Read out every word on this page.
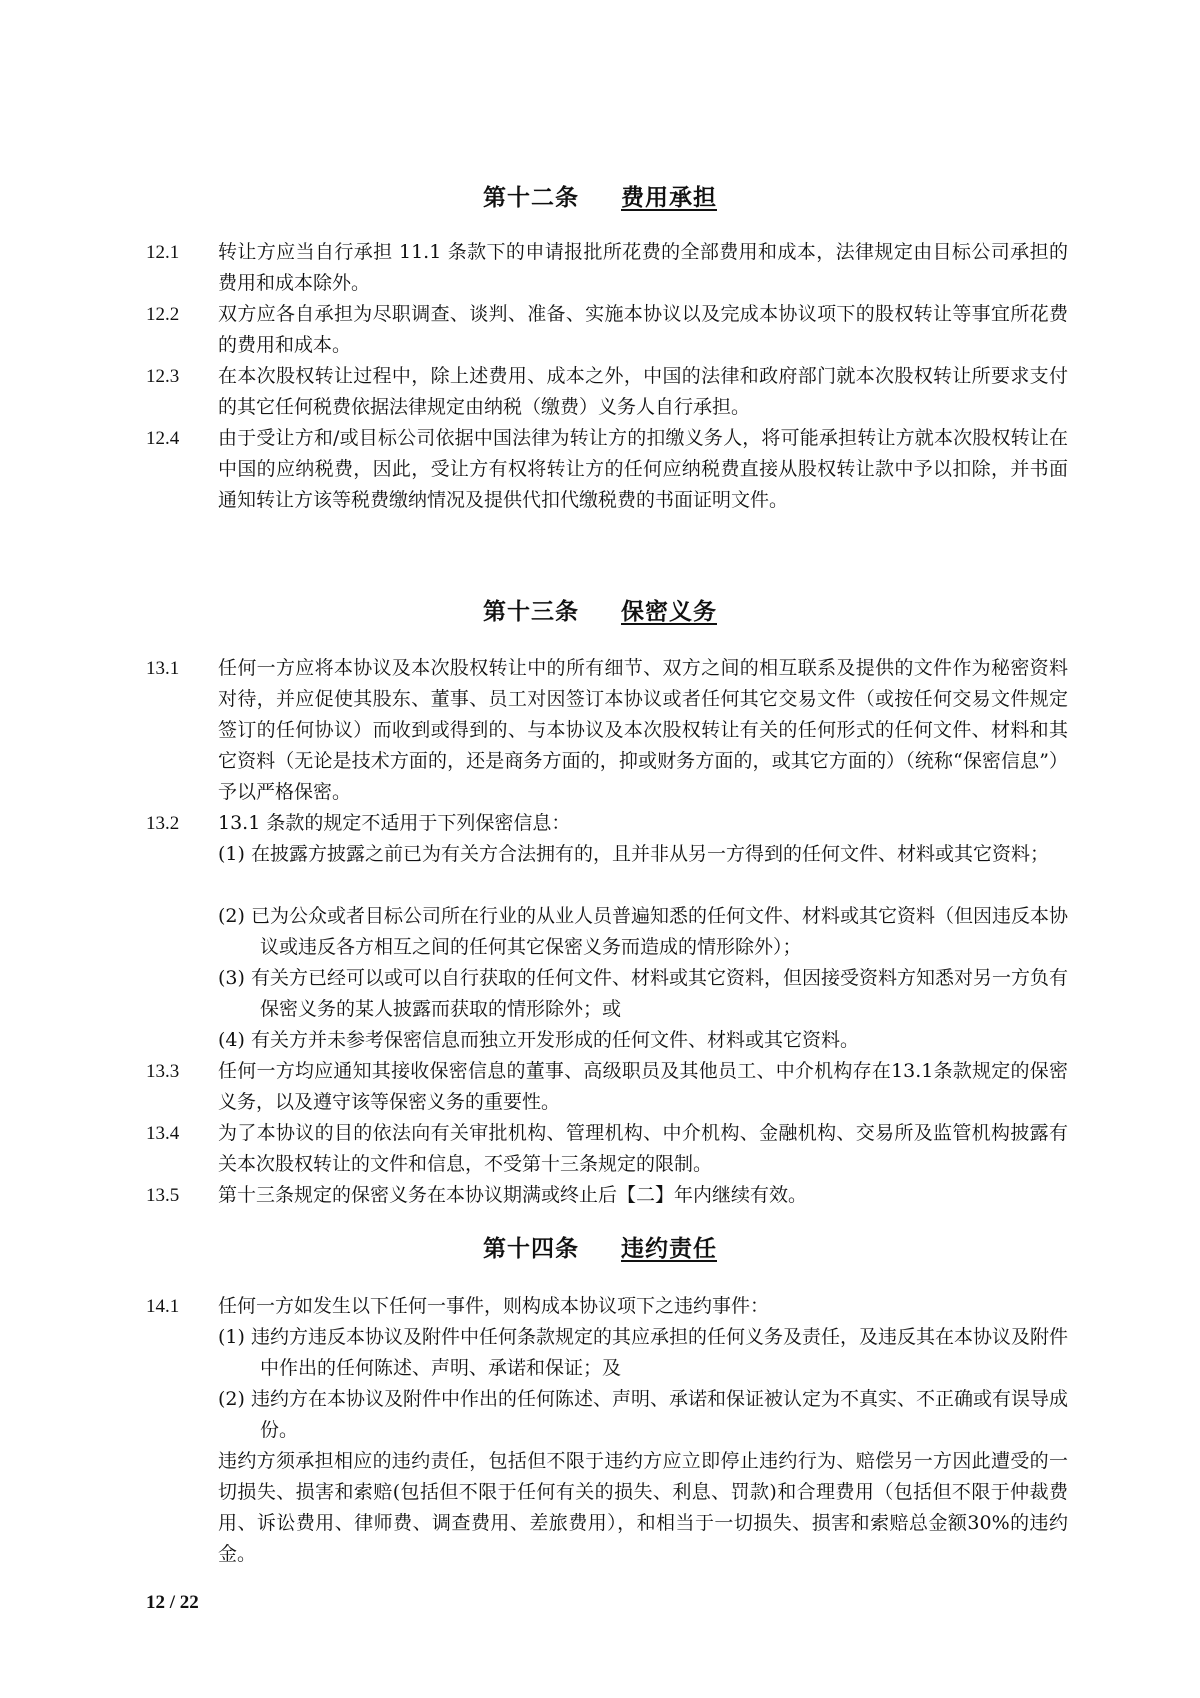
第十二条 费用承担
12.1 转让方应当自行承担 11.1 条款下的申请报批所花费的全部费用和成本，法律规定由目标公司承担的费用和成本除外。
12.2 双方应各自承担为尽职调查、谈判、准备、实施本协议以及完成本协议项下的股权转让等事宜所花费的费用和成本。
12.3 在本次股权转让过程中，除上述费用、成本之外，中国的法律和政府部门就本次股权转让所要求支付的其它任何税费依据法律规定由纳税（缴费）义务人自行承担。
12.4 由于受让方和/或目标公司依据中国法律为转让方的扣缴义务人，将可能承担转让方就本次股权转让在中国的应纳税费，因此，受让方有权将转让方的任何应纳税费直接从股权转让款中予以扣除，并书面通知转让方该等税费缴纳情况及提供代扣代缴税费的书面证明文件。
第十三条 保密义务
13.1 任何一方应将本协议及本次股权转让中的所有细节、双方之间的相互联系及提供的文件作为秘密资料对待，并应促使其股东、董事、员工对因签订本协议或者任何其它交易文件（或按任何交易文件规定签订的任何协议）而收到或得到的、与本协议及本次股权转让有关的任何形式的任何文件、材料和其它资料（无论是技术方面的，还是商务方面的，抑或财务方面的，或其它方面的）（统称“保密信息”）予以严格保密。
13.2 13.1 条款的规定不适用于下列保密信息：
(1) 在披露方披露之前已为有关方合法拥有的，且并非从另一方得到的任何文件、材料或其它资料；
(2) 已为公众或者目标公司所在行业的从业人员普遍知悉的任何文件、材料或其它资料（但因违反本协议或违反各方相互之间的任何其它保密义务而造成的情形除外）；
(3) 有关方已经可以或可以自行获取的任何文件、材料或其它资料，但因接受资料方知悉对另一方负有保密义务的某人披露而获取的情形除外；或
(4) 有关方并未参考保密信息而独立开发形成的任何文件、材料或其它资料。
13.3 任何一方均应通知其接收保密信息的董事、高级职员及其他员工、中介机构存在13.1条款规定的保密义务，以及遵守该等保密义务的重要性。
13.4 为了本协议的目的依法向有关审批机构、管理机构、中介机构、金融机构、交易所及监管机构披露有关本次股权转让的文件和信息，不受第十三条规定的限制。
13.5 第十三条规定的保密义务在本协议期满或终止后【二】年内继续有效。
第十四条 违约责任
14.1 任何一方如发生以下任何一事件，则构成本协议项下之违约事件：
(1) 违约方违反本协议及附件中任何条款规定的其应承担的任何义务及责任，及违反其在本协议及附件中作出的任何陈述、声明、承诺和保证；及
(2) 违约方在本协议及附件中作出的任何陈述、声明、承诺和保证被认定为不真实、不正确或有误导成份。
违约方须承担相应的违约责任，包括但不限于违约方应立即停止违约行为、赔偿另一方因此遭受的一切损失、损害和索赔(包括但不限于任何有关的损失、利息、罚款)和合理费用（包括但不限于仲裁费用、诉讼费用、律师费、调查费用、差旅费用），和相当于一切损失、损害和索赔总金额30%的违约金。
12 / 22
